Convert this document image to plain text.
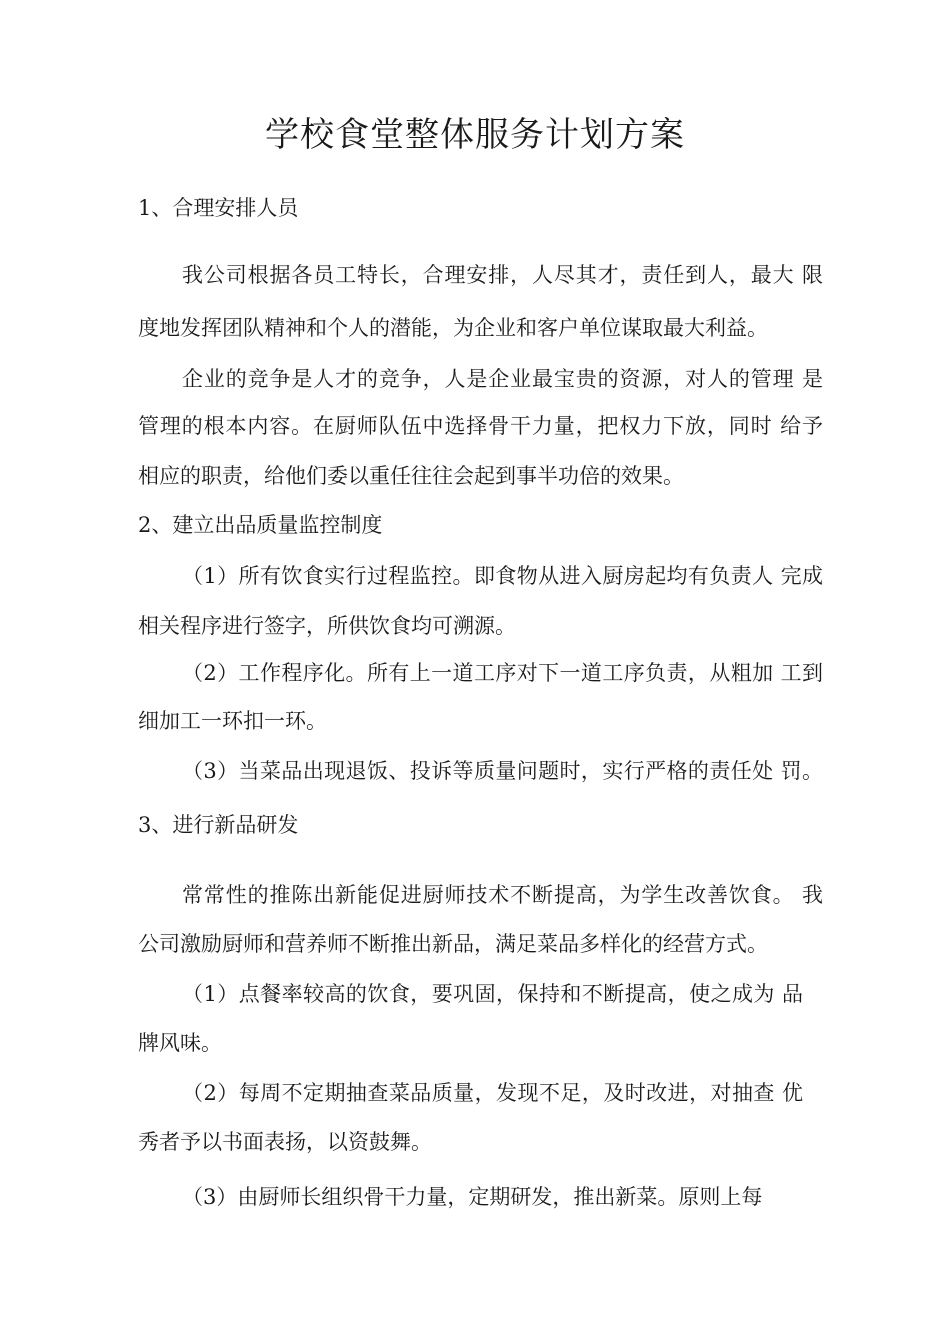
学校食堂整体服务计划方案
1、合理安排人员
我公司根据各员工特长，合理安排，人尽其才，责任到人，最大 限
度地发挥团队精神和个人的潜能，为企业和客户单位谋取最大利益。
企业的竞争是人才的竞争，人是企业最宝贵的资源，对人的管理 是
管理的根本内容。在厨师队伍中选择骨干力量，把权力下放，同时 给予
相应的职责，给他们委以重任往往会起到事半功倍的效果。
2、建立出品质量监控制度
（1）所有饮食实行过程监控。即食物从进入厨房起均有负责人 完成
相关程序进行签字，所供饮食均可溯源。
（2）工作程序化。所有上一道工序对下一道工序负责，从粗加 工到
细加工一环扣一环。
（3）当菜品出现退饭、投诉等质量问题时，实行严格的责任处 罚。
3、进行新品研发
常常性的推陈出新能促进厨师技术不断提高，为学生改善饮食。 我
公司激励厨师和营养师不断推出新品，满足菜品多样化的经营方式。
（1）点餐率较高的饮食，要巩固，保持和不断提高，使之成为 品
牌风味。
（2）每周不定期抽查菜品质量，发现不足，及时改进，对抽查 优
秀者予以书面表扬，以资鼓舞。
（3）由厨师长组织骨干力量，定期研发，推出新菜。原则上每
